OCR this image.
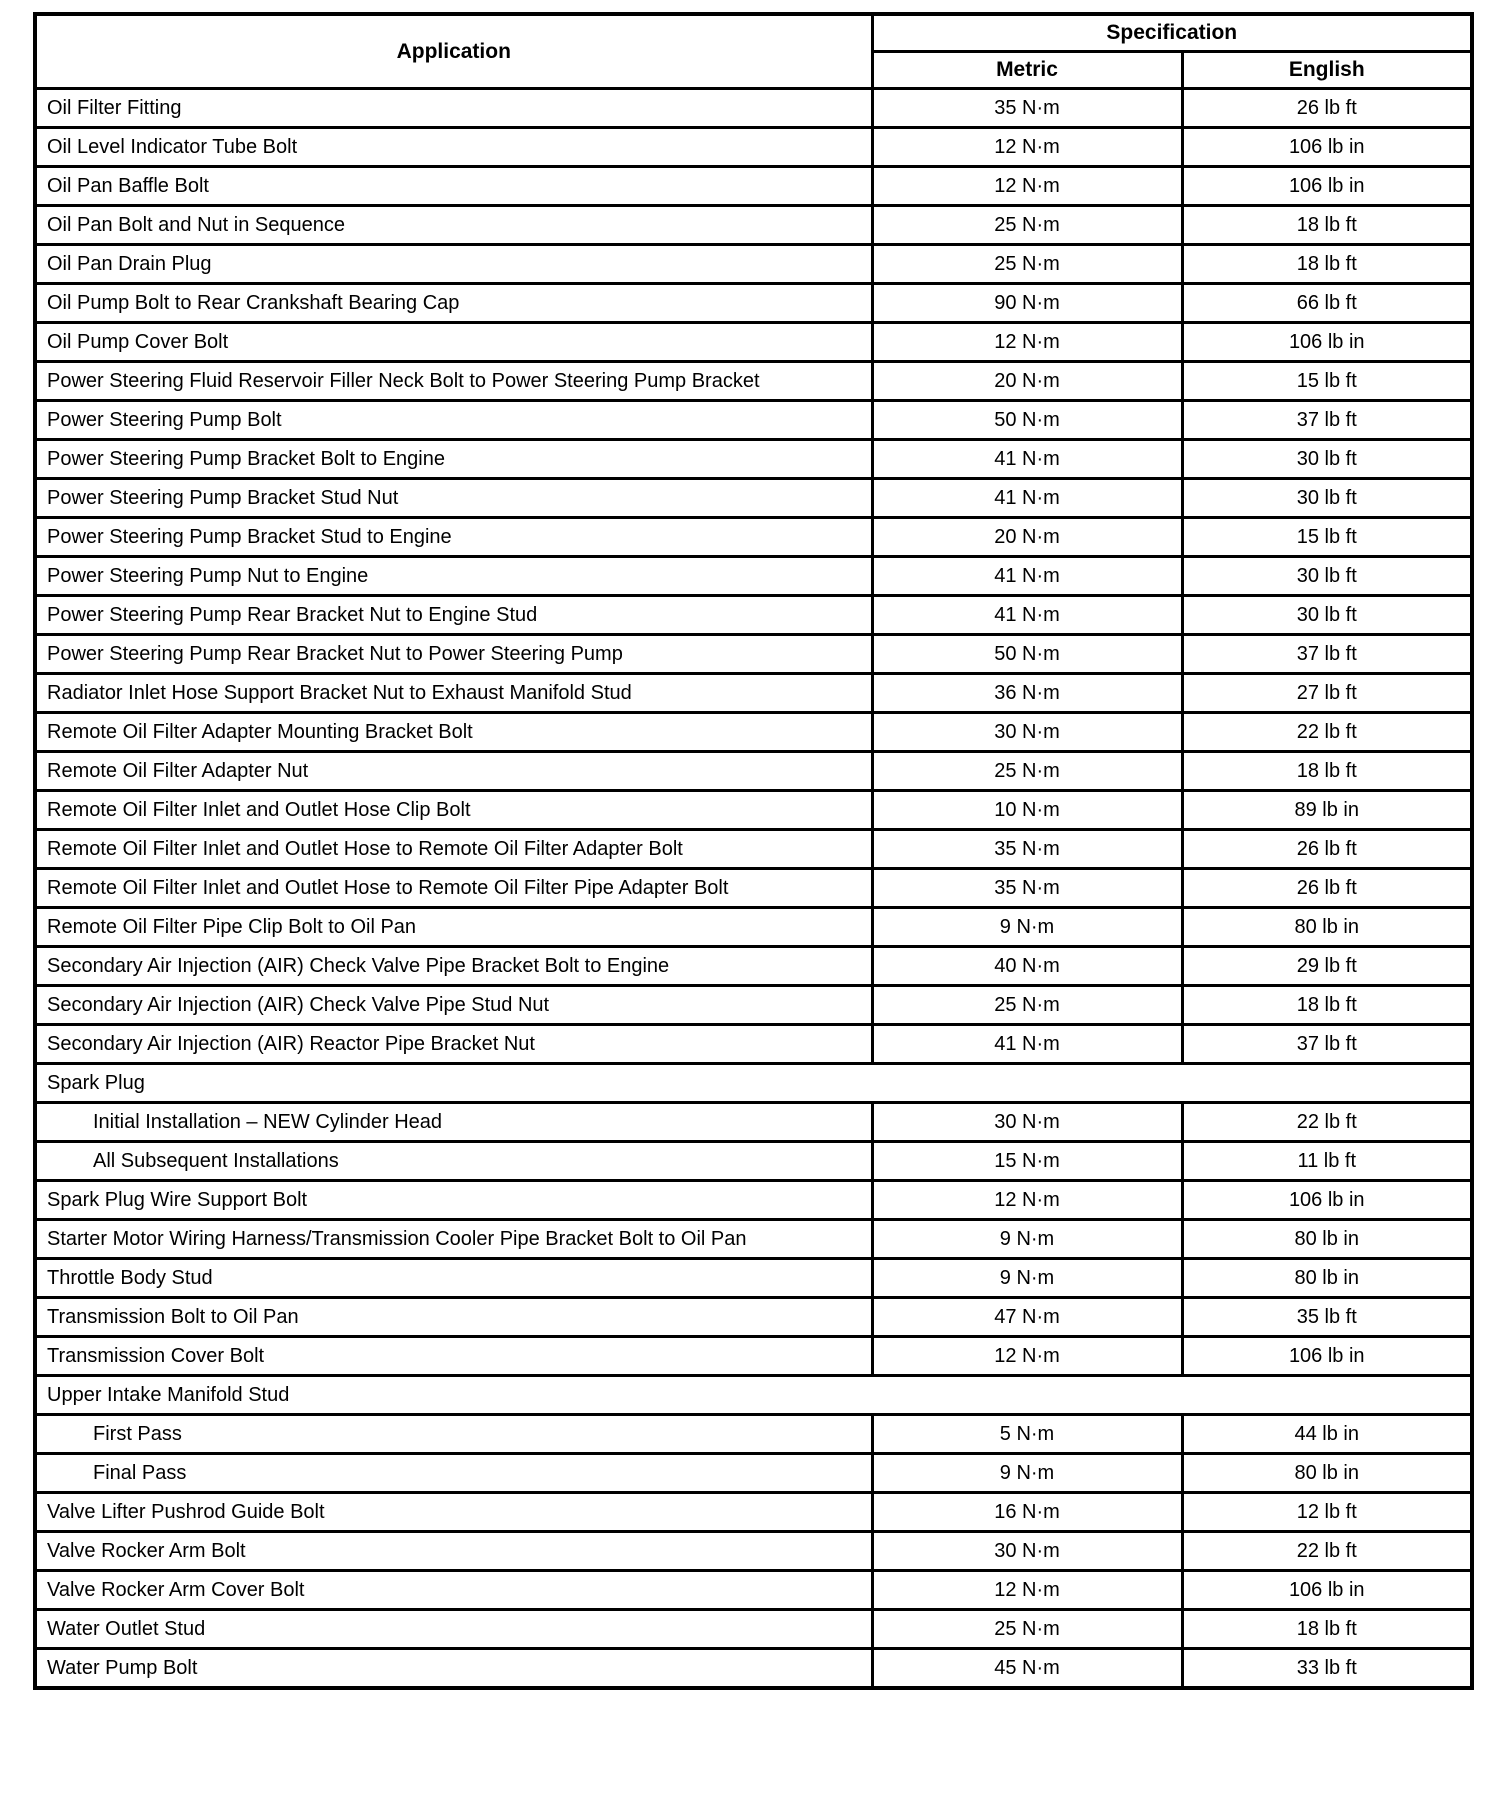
Application	Specification	
	Metric	English
Oil Filter Fitting	35 N·m	26 lb ft
Oil Level Indicator Tube Bolt	12 N·m	106 lb in
Oil Pan Baffle Bolt	12 N·m	106 lb in
Oil Pan Bolt and Nut in Sequence	25 N·m	18 lb ft
Oil Pan Drain Plug	25 N·m	18 lb ft
Oil Pump Bolt to Rear Crankshaft Bearing Cap	90 N·m	66 lb ft
Oil Pump Cover Bolt	12 N·m	106 lb in
Power Steering Fluid Reservoir Filler Neck Bolt to Power Steering Pump Bracket	20 N·m	15 lb ft
Power Steering Pump Bolt	50 N·m	37 lb ft
Power Steering Pump Bracket Bolt to Engine	41 N·m	30 lb ft
Power Steering Pump Bracket Stud Nut	41 N·m	30 lb ft
Power Steering Pump Bracket Stud to Engine	20 N·m	15 lb ft
Power Steering Pump Nut to Engine	41 N·m	30 lb ft
Power Steering Pump Rear Bracket Nut to Engine Stud	41 N·m	30 lb ft
Power Steering Pump Rear Bracket Nut to Power Steering Pump	50 N·m	37 lb ft
Radiator Inlet Hose Support Bracket Nut to Exhaust Manifold Stud	36 N·m	27 lb ft
Remote Oil Filter Adapter Mounting Bracket Bolt	30 N·m	22 lb ft
Remote Oil Filter Adapter Nut	25 N·m	18 lb ft
Remote Oil Filter Inlet and Outlet Hose Clip Bolt	10 N·m	89 lb in
Remote Oil Filter Inlet and Outlet Hose to Remote Oil Filter Adapter Bolt	35 N·m	26 lb ft
Remote Oil Filter Inlet and Outlet Hose to Remote Oil Filter Pipe Adapter Bolt	35 N·m	26 lb ft
Remote Oil Filter Pipe Clip Bolt to Oil Pan	9 N·m	80 lb in
Secondary Air Injection (AIR) Check Valve Pipe Bracket Bolt to Engine	40 N·m	29 lb ft
Secondary Air Injection (AIR) Check Valve Pipe Stud Nut	25 N·m	18 lb ft
Secondary Air Injection (AIR) Reactor Pipe Bracket Nut	41 N·m	37 lb ft
Spark Plug		
Initial Installation – NEW Cylinder Head	30 N·m	22 lb ft
All Subsequent Installations	15 N·m	11 lb ft
Spark Plug Wire Support Bolt	12 N·m	106 lb in
Starter Motor Wiring Harness/Transmission Cooler Pipe Bracket Bolt to Oil Pan	9 N·m	80 lb in
Throttle Body Stud	9 N·m	80 lb in
Transmission Bolt to Oil Pan	47 N·m	35 lb ft
Transmission Cover Bolt	12 N·m	106 lb in
Upper Intake Manifold Stud		
First Pass	5 N·m	44 lb in
Final Pass	9 N·m	80 lb in
Valve Lifter Pushrod Guide Bolt	16 N·m	12 lb ft
Valve Rocker Arm Bolt	30 N·m	22 lb ft
Valve Rocker Arm Cover Bolt	12 N·m	106 lb in
Water Outlet Stud	25 N·m	18 lb ft
Water Pump Bolt	45 N·m	33 lb ft
